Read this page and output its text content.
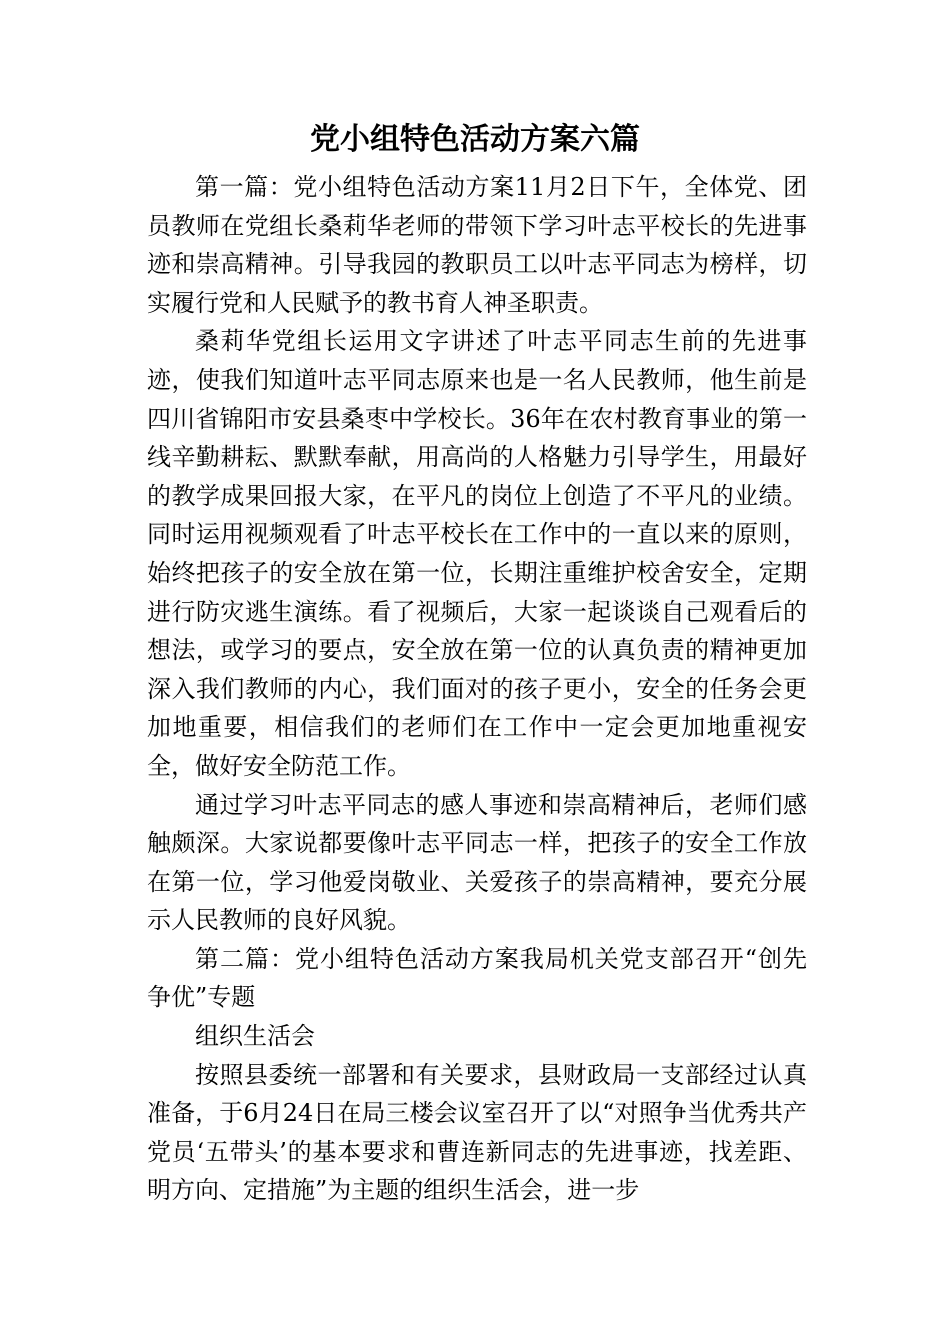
党小组特色活动方案六篇

第一篇：党小组特色活动方案11月2日下午，全体党、团员教师在党组长桑莉华老师的带领下学习叶志平校长的先进事迹和崇高精神。引导我园的教职员工以叶志平同志为榜样，切实履行党和人民赋予的教书育人神圣职责。

桑莉华党组长运用文字讲述了叶志平同志生前的先进事迹，使我们知道叶志平同志原来也是一名人民教师，他生前是四川省锦阳市安县桑枣中学校长。36年在农村教育事业的第一线辛勤耕耘、默默奉献，用高尚的人格魅力引导学生，用最好的教学成果回报大家，在平凡的岗位上创造了不平凡的业绩。同时运用视频观看了叶志平校长在工作中的一直以来的原则，始终把孩子的安全放在第一位，长期注重维护校舍安全，定期进行防灾逃生演练。看了视频后，大家一起谈谈自己观看后的想法，或学习的要点，安全放在第一位的认真负责的精神更加深入我们教师的内心，我们面对的孩子更小，安全的任务会更加地重要，相信我们的老师们在工作中一定会更加地重视安全，做好安全防范工作。

通过学习叶志平同志的感人事迹和崇高精神后，老师们感触颇深。大家说都要像叶志平同志一样，把孩子的安全工作放在第一位，学习他爱岗敬业、关爱孩子的崇高精神，要充分展示人民教师的良好风貌。

第二篇：党小组特色活动方案我局机关党支部召开“创先争优”专题

组织生活会

按照县委统一部署和有关要求，县财政局一支部经过认真准备，于6月24日在局三楼会议室召开了以“对照争当优秀共产党员‘五带头’的基本要求和曹连新同志的先进事迹，找差距、明方向、定措施”为主题的组织生活会，进一步
